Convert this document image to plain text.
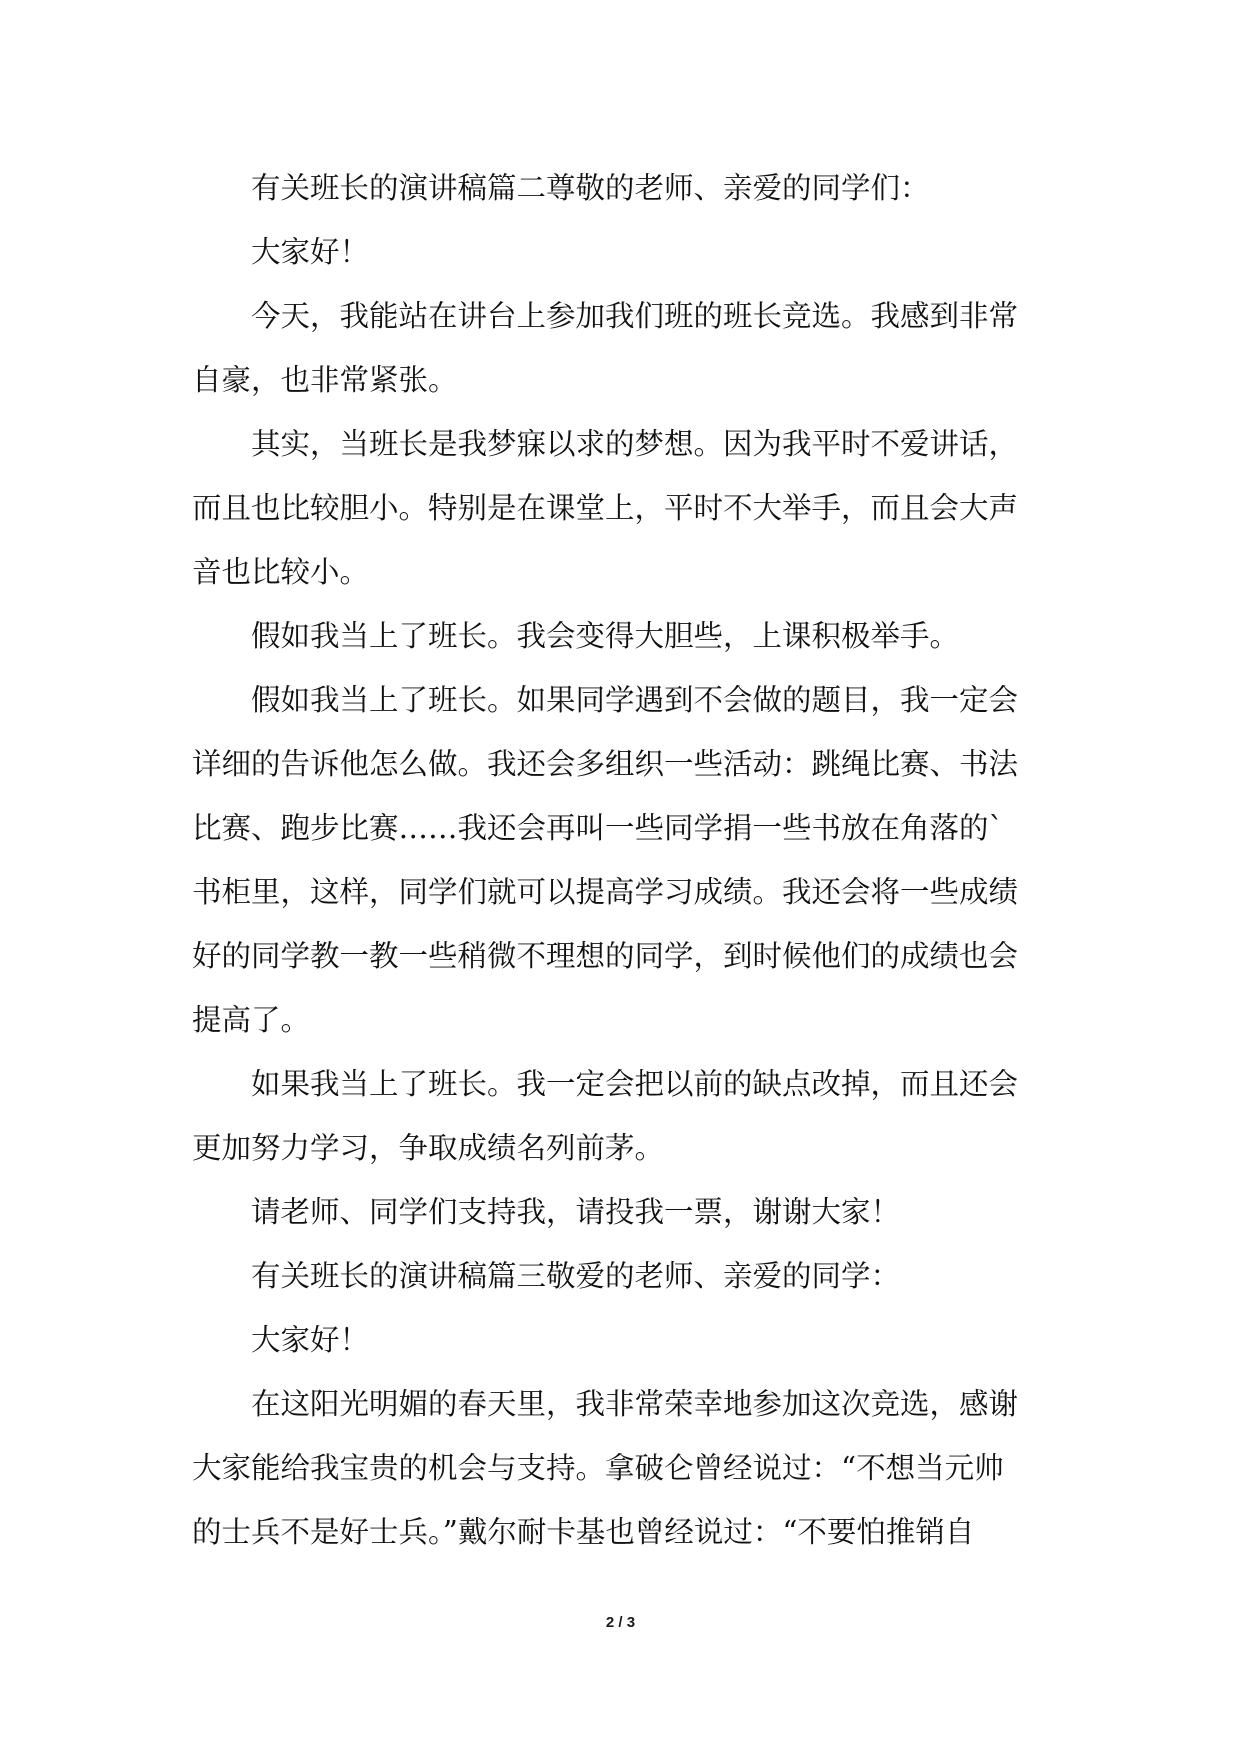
有关班长的演讲稿篇二尊敬的老师、亲爱的同学们：
大家好！
今天，我能站在讲台上参加我们班的班长竞选。我感到非常
自豪，也非常紧张。
其实，当班长是我梦寐以求的梦想。因为我平时不爱讲话，
而且也比较胆小。特别是在课堂上，平时不大举手，而且会大声
音也比较小。
假如我当上了班长。我会变得大胆些，上课积极举手。
假如我当上了班长。如果同学遇到不会做的题目，我一定会
详细的告诉他怎么做。我还会多组织一些活动：跳绳比赛、书法
比赛、跑步比赛……我还会再叫一些同学捐一些书放在角落的`
书柜里，这样，同学们就可以提高学习成绩。我还会将一些成绩
好的同学教一教一些稍微不理想的同学，到时候他们的成绩也会
提高了。
如果我当上了班长。我一定会把以前的缺点改掉，而且还会
更加努力学习，争取成绩名列前茅。
请老师、同学们支持我，请投我一票，谢谢大家！
有关班长的演讲稿篇三敬爱的老师、亲爱的同学：
大家好！
在这阳光明媚的春天里，我非常荣幸地参加这次竞选，感谢
大家能给我宝贵的机会与支持。拿破仑曾经说过：“不想当元帅
的士兵不是好士兵。”戴尔耐卡基也曾经说过：“不要怕推销自
2 / 3
